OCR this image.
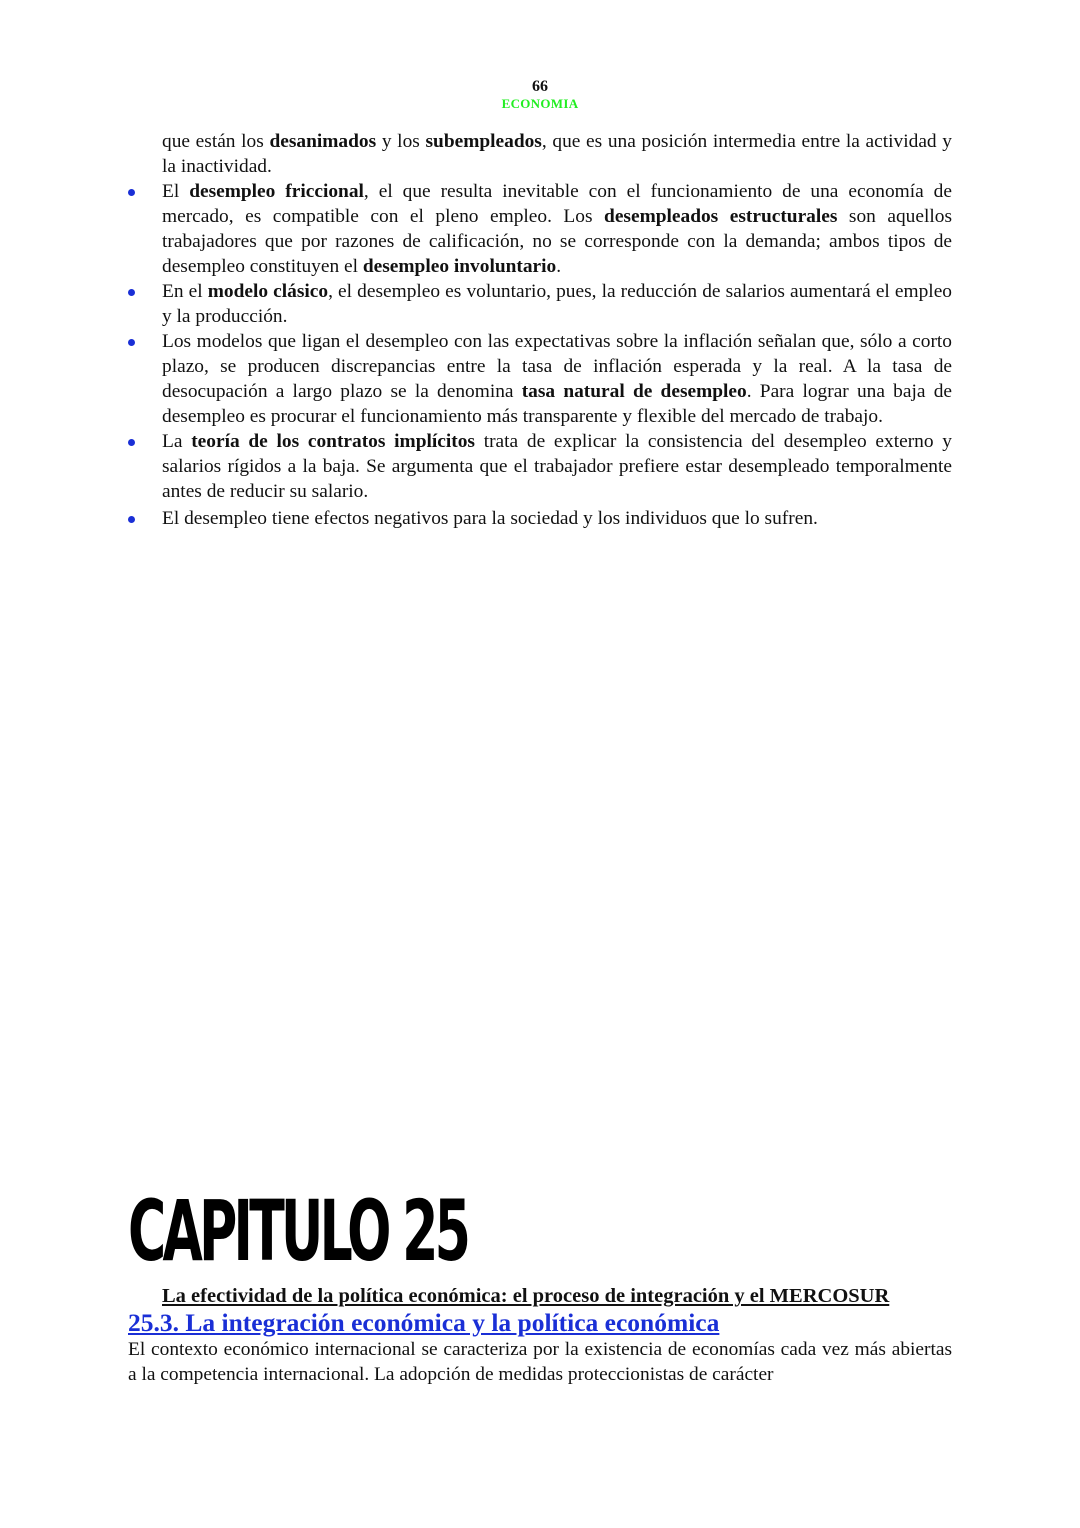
66
ECONOMIA
que están los desanimados y los subempleados, que es una posición intermedia entre la actividad y la inactividad.
El desempleo friccional, el que resulta inevitable con el funcionamiento de una economía de mercado, es compatible con el pleno empleo. Los desempleados estructurales son aquellos trabajadores que por razones de calificación, no se corresponde con la demanda; ambos tipos de desempleo constituyen el desempleo involuntario.
En el modelo clásico, el desempleo es voluntario, pues, la reducción de salarios aumentará el empleo y la producción.
Los modelos que ligan el desempleo con las expectativas sobre la inflación señalan que, sólo a corto plazo, se producen discrepancias entre la tasa de inflación esperada y la real. A la tasa de desocupación a largo plazo se la denomina tasa natural de desempleo. Para lograr una baja de desempleo es procurar el funcionamiento más transparente y flexible del mercado de trabajo.
La teoría de los contratos implícitos trata de explicar la consistencia del desempleo externo y salarios rígidos a la baja. Se argumenta que el trabajador prefiere estar desempleado temporalmente antes de reducir su salario.
El desempleo tiene efectos negativos para la sociedad y los individuos que lo sufren.
CAPITULO 25
La efectividad de la política económica: el proceso de integración y el MERCOSUR
25.3. La integración económica y la política económica
El contexto económico internacional se caracteriza por la existencia de economías cada vez más abiertas a la competencia internacional. La adopción de medidas proteccionistas de carácter
